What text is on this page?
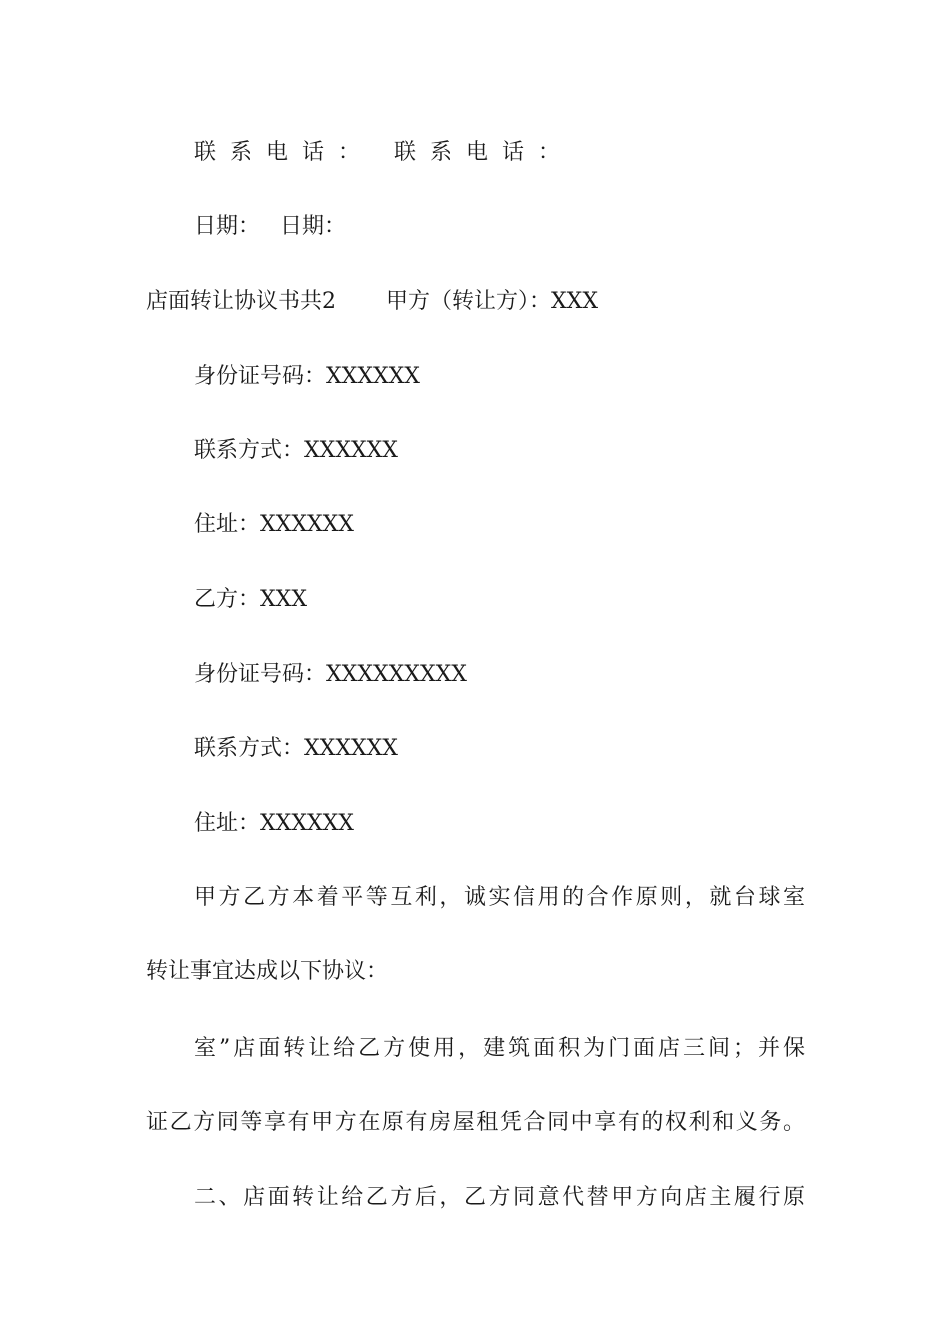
联系电话： 联系电话：
日期： 日期：
店面转让协议书共2 甲方（转让方）：XXX
身份证号码：XXXXXX
联系方式：XXXXXX
住址：XXXXXX
乙方：XXX
身份证号码：XXXXXXXXX
联系方式：XXXXXX
住址：XXXXXX
甲方乙方本着平等互利，诚实信用的合作原则，就台球室
转让事宜达成以下协议：
室”店面转让给乙方使用，建筑面积为门面店三间；并保
证乙方同等享有甲方在原有房屋租凭合同中享有的权利和义务。
二、店面转让给乙方后，乙方同意代替甲方向店主履行原
